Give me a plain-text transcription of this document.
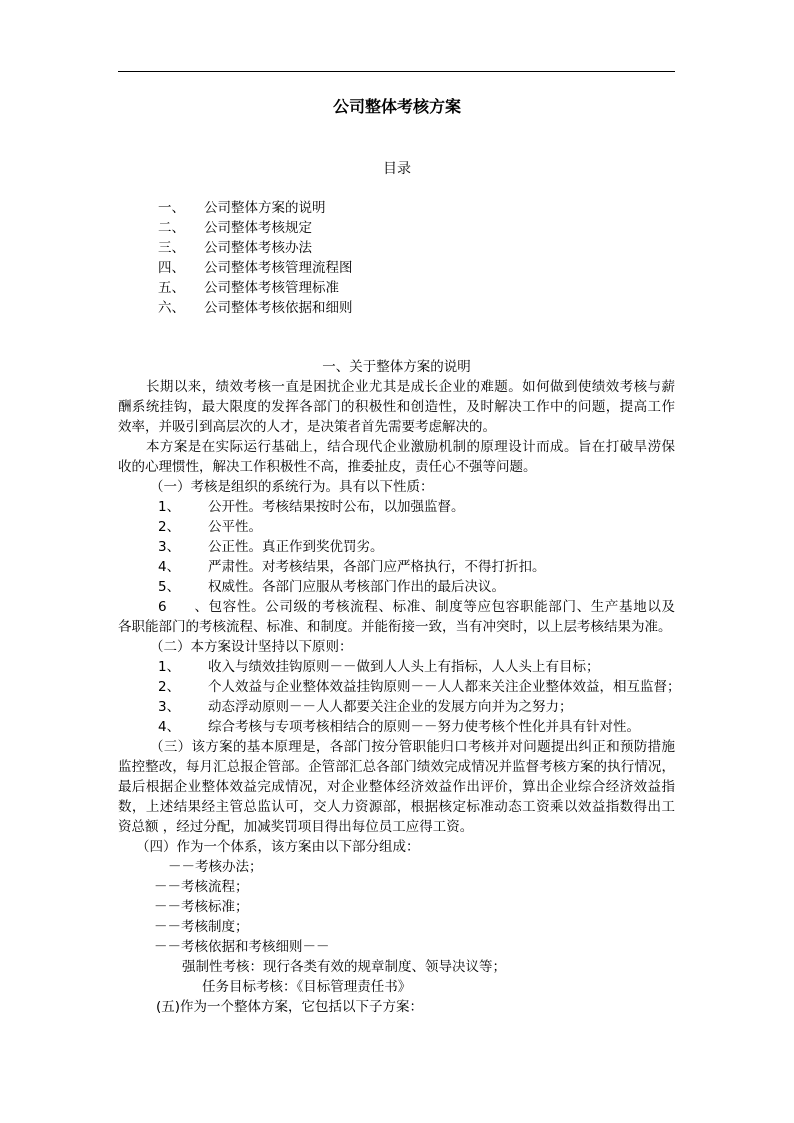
公司整体考核方案
目录
一、 公司整体方案的说明
二、 公司整体考核规定
三、 公司整体考核办法
四、 公司整体考核管理流程图
五、 公司整体考核管理标准
六、 公司整体考核依据和细则
一、关于整体方案的说明
长期以来，绩效考核一直是困扰企业尤其是成长企业的难题。如何做到使绩效考核与薪
酬系统挂钩，最大限度的发挥各部门的积极性和创造性，及时解决工作中的问题，提高工作
效率，并吸引到高层次的人才，是决策者首先需要考虑解决的。
本方案是在实际运行基础上，结合现代企业激励机制的原理设计而成。旨在打破旱涝保
收的心理惯性，解决工作积极性不高，推委扯皮，责任心不强等问题。
（一）考核是组织的系统行为。具有以下性质：
1、 公开性。考核结果按时公布，以加强监督。
2、 公平性。
3、 公正性。真正作到奖优罚劣。
4、 严肃性。对考核结果，各部门应严格执行，不得打折扣。
5、 权威性。各部门应服从考核部门作出的最后决议。
6、包容性。公司级的考核流程、标准、制度等应包容职能部门、生产基地以及
各职能部门的考核流程、标准、和制度。并能衔接一致，当有冲突时，以上层考核结果为准。
（二）本方案设计坚持以下原则：
1、 收入与绩效挂钩原则－－做到人人头上有指标，人人头上有目标；
2、 个人效益与企业整体效益挂钩原则－－人人都来关注企业整体效益，相互监督；
3、 动态浮动原则－－人人都要关注企业的发展方向并为之努力；
4、 综合考核与专项考核相结合的原则－－努力使考核个性化并具有针对性。
（三）该方案的基本原理是，各部门按分管职能归口考核并对问题提出纠正和预防措施
监控整改，每月汇总报企管部。企管部汇总各部门绩效完成情况并监督考核方案的执行情况，
最后根据企业整体效益完成情况，对企业整体经济效益作出评价，算出企业综合经济效益指
数，上述结果经主管总监认可，交人力资源部，根据核定标准动态工资乘以效益指数得出工
资总额 ，经过分配，加减奖罚项目得出每位员工应得工资。
（四）作为一个体系，该方案由以下部分组成：
－－考核办法；
－－考核流程；
－－考核标准；
－－考核制度；
－－考核依据和考核细则－－
强制性考核：现行各类有效的规章制度、领导决议等；
任务目标考核：《目标管理责任书》
(五)作为一个整体方案，它包括以下子方案：
